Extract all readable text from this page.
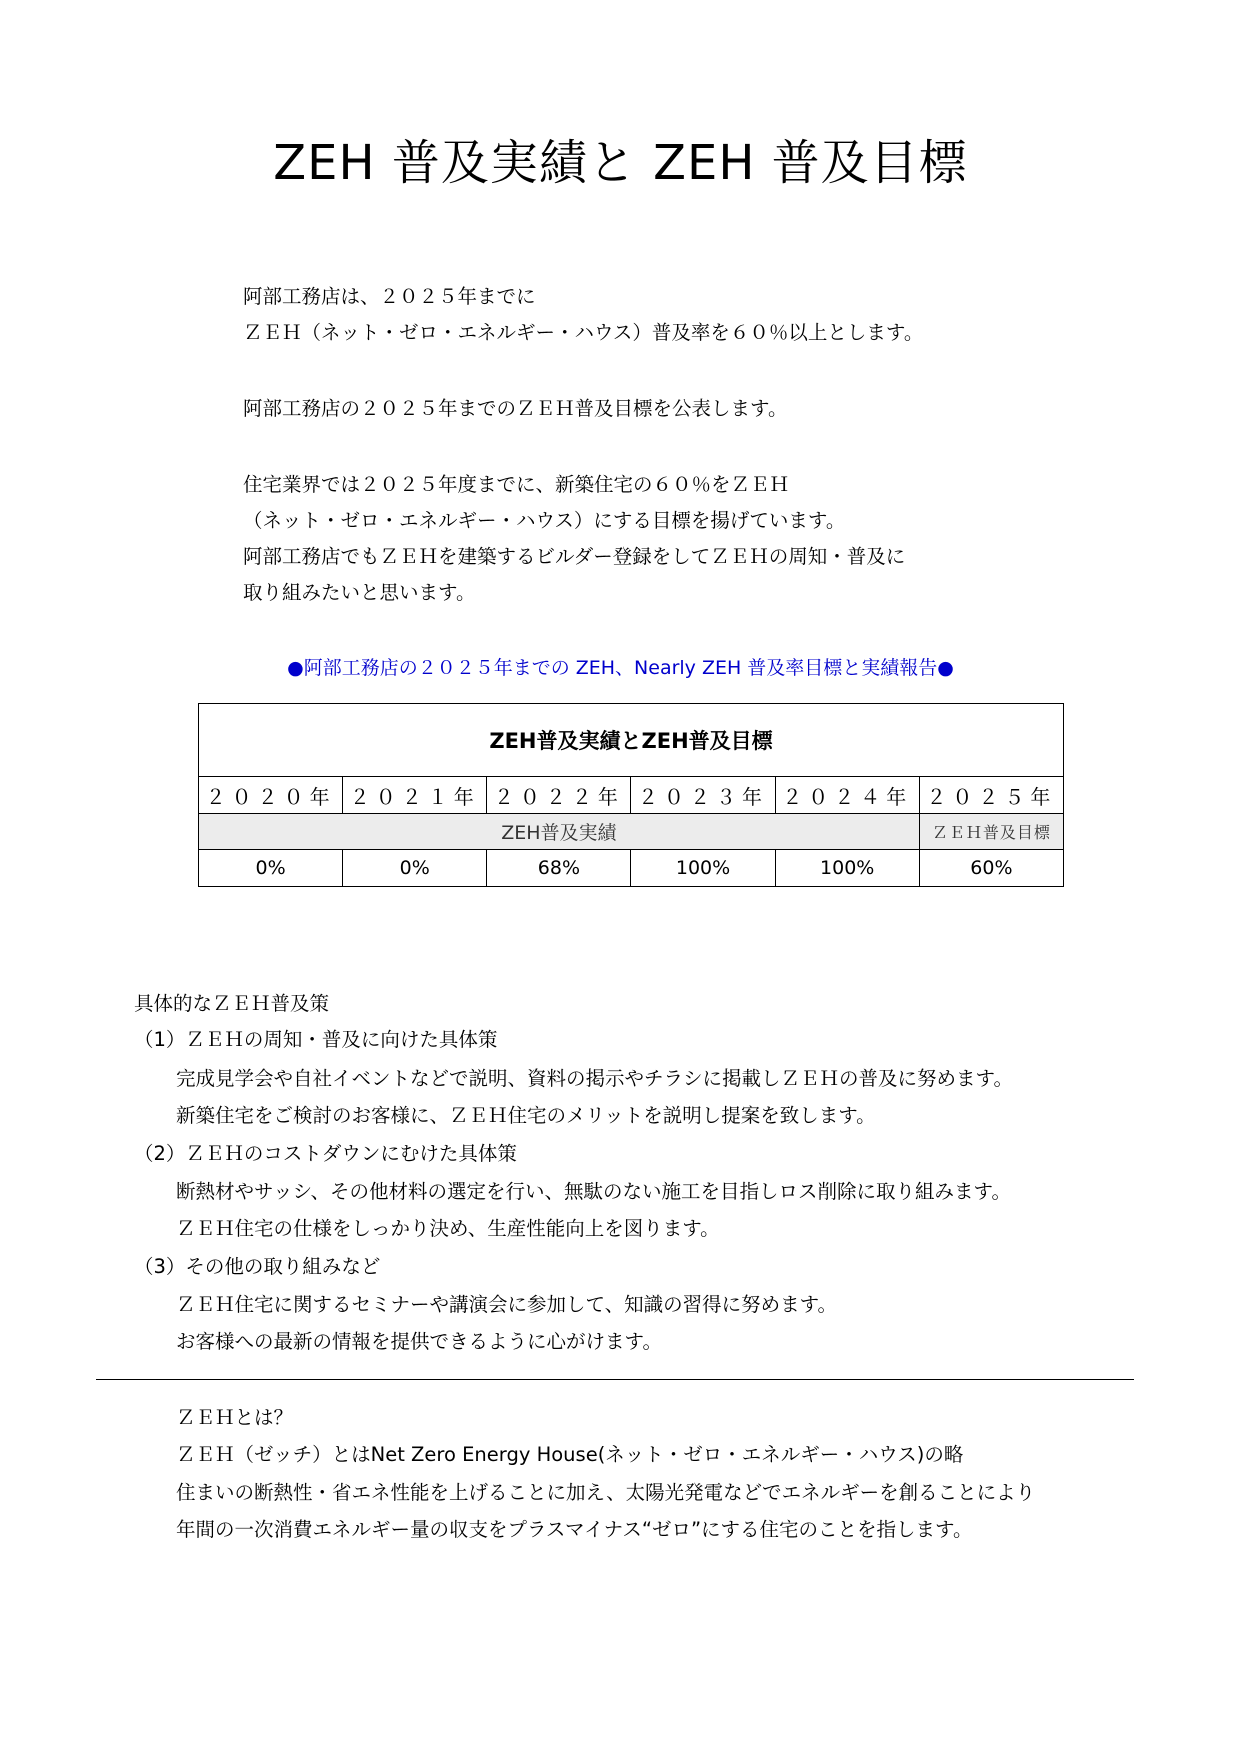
ZEH 普及実績と ZEH 普及目標
阿部工務店は、２０２５年までに
ＺＥＨ（ネット・ゼロ・エネルギー・ハウス）普及率を６０％以上とします。
阿部工務店の２０２５年までのＺＥＨ普及目標を公表します。
住宅業界では２０２５年度までに、新築住宅の６０％をＺＥＨ
（ネット・ゼロ・エネルギー・ハウス）にする目標を揚げています。
阿部工務店でもＺＥＨを建築するビルダー登録をしてＺＥＨの周知・普及に
取り組みたいと思います。
●阿部工務店の２０２５年までの ZEH、Nearly ZEH 普及率目標と実績報告●
ZEH普及実績とZEH普及目標					
２０２０年	２０２１年	２０２２年	２０２３年	２０２４年	２０２５年
ZEH普及実績					ＺＥＨ普及目標
0%	0%	68%	100%	100%	60%
具体的なＺＥＨ普及策
（1）ＺＥＨの周知・普及に向けた具体策
完成見学会や自社イベントなどで説明、資料の掲示やチラシに掲載しＺＥＨの普及に努めます。
新築住宅をご検討のお客様に、ＺＥＨ住宅のメリットを説明し提案を致します。
（2）ＺＥＨのコストダウンにむけた具体策
断熱材やサッシ、その他材料の選定を行い、無駄のない施工を目指しロス削除に取り組みます。
ＺＥＨ住宅の仕様をしっかり決め、生産性能向上を図ります。
（3）その他の取り組みなど
ＺＥＨ住宅に関するセミナーや講演会に参加して、知識の習得に努めます。
お客様への最新の情報を提供できるように心がけます。
ＺＥＨとは？
ＺＥＨ（ゼッチ）とはNet Zero Energy House(ネット・ゼロ・エネルギー・ハウス)の略
住まいの断熱性・省エネ性能を上げることに加え、太陽光発電などでエネルギーを創ることにより
年間の一次消費エネルギー量の収支をプラスマイナス“ゼロ”にする住宅のことを指します。
